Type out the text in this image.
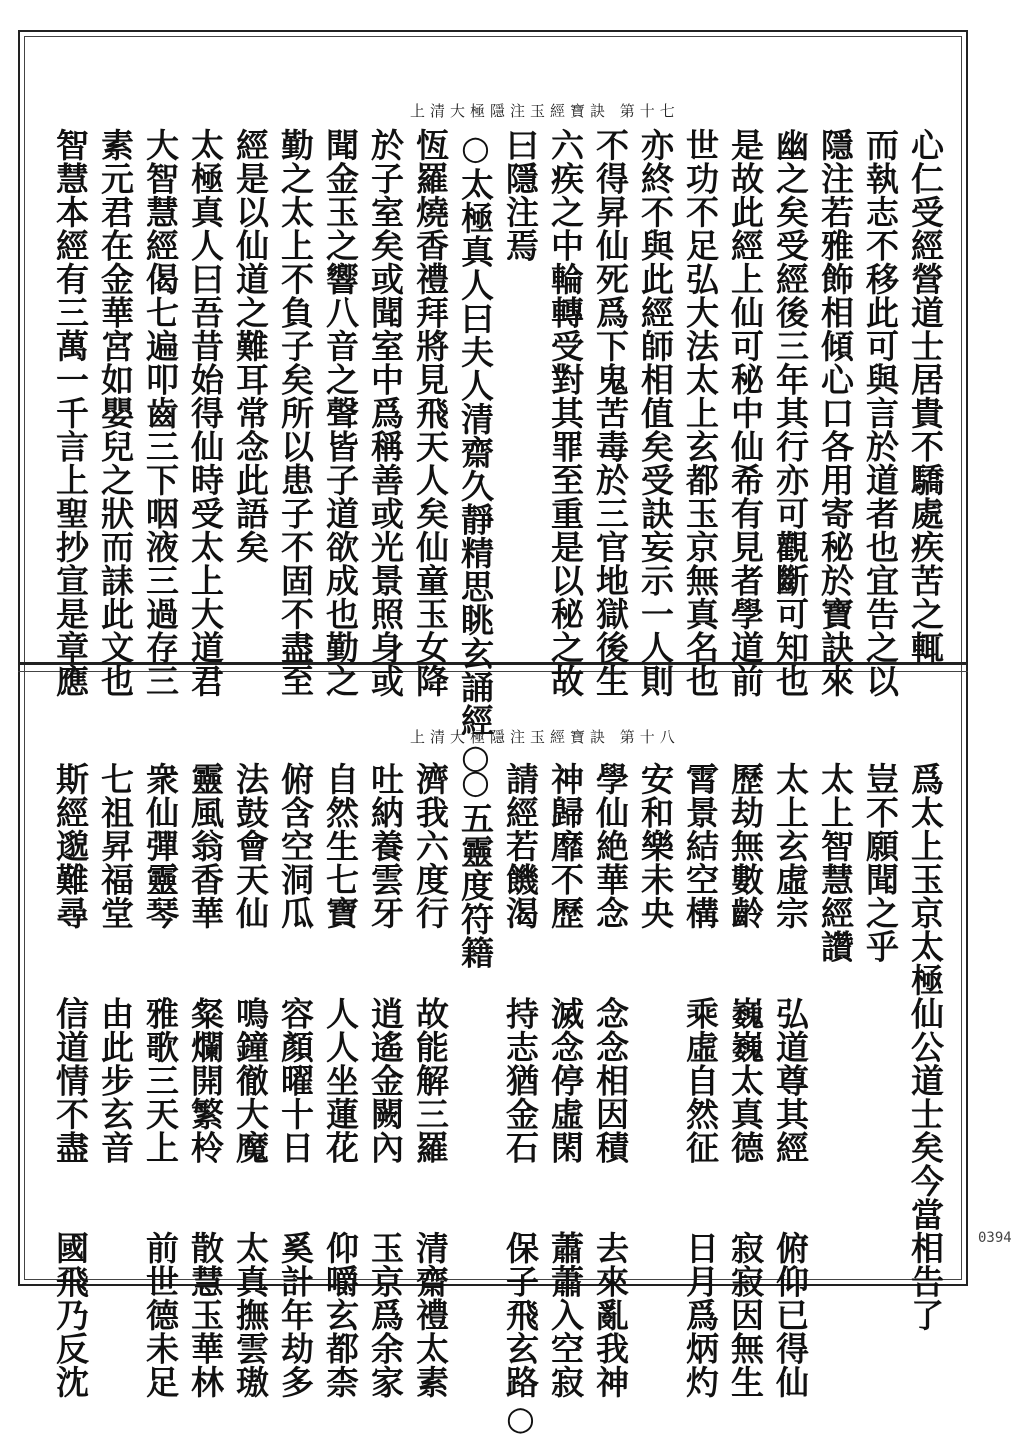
上清大極隱注玉經寶訣 第十七
上清大極隱注玉經寶訣 第十八
心仁受經營道士居貴不驕處疾苦之輒
而執志不移此可與言於道者也宜告之以
隱注若雅飾相傾心口各用寄秘於寶訣來
幽之矣受經後三年其行亦可觀斷可知也
是故此經上仙可秘中仙希有見者學道前
世功不足弘大法太上玄都玉京無真名也
亦終不與此經師相值矣受訣妄示一人則
不得昇仙死爲下鬼苦毒於三官地獄後生
六疾之中輪轉受對其罪至重是以秘之故
曰隱注焉
○太極真人曰夫人清齋久靜精思眺玄誦經○
恆羅燒香禮拜將見飛天人矣仙童玉女降
於子室矣或聞室中爲稱善或光景照身或
聞金玉之響八音之聲皆子道欲成也勤之
勤之太上不負子矣所以患子不固不盡至
經是以仙道之難耳常念此語矣
太極真人曰吾昔始得仙時受太上大道君
大智慧經偈七遍叩齒三下咽液三過存三
素元君在金華宮如嬰兒之狀而誄此文也
智慧本經有三萬一千言上聖抄宣是章應
爲太上玉京太極仙公道士矣今當相告了
豈不願聞之乎
太上智慧經讚
太上玄虛宗　　弘道尊其經　　俯仰已得仙
歷劫無數齡　　巍巍太真德　　寂寂因無生
霄景結空構　　乘虛自然征　　日月爲炳灼
安和樂未央
學仙絶華念　　念念相因積　　去來亂我神
神歸靡不歷　　滅念停虛閑　　蕭蕭入空寂
請經若饑渴　　持志猶金石　　保子飛玄路○
○五靈度符籍
濟我六度行　　故能解三羅　　清齋禮太素
吐納養雲牙　　逍遙金闕內　　玉京爲余家
自然生七寶　　人人坐蓮花　　仰嚼玄都柰
俯含空洞瓜　　容顏曜十日　　奚計年劫多
法鼓會天仙　　鳴鐘徹大魔　　太真撫雲璈
靈風翁香華　　粲爛開繁柃　　散慧玉華林
衆仙彈靈琴　　雅歌三天上　　前世德未足
七祖昇福堂　　由此步玄音
斯經邈難尋　　信道情不盡　　國飛乃反沈	0394
